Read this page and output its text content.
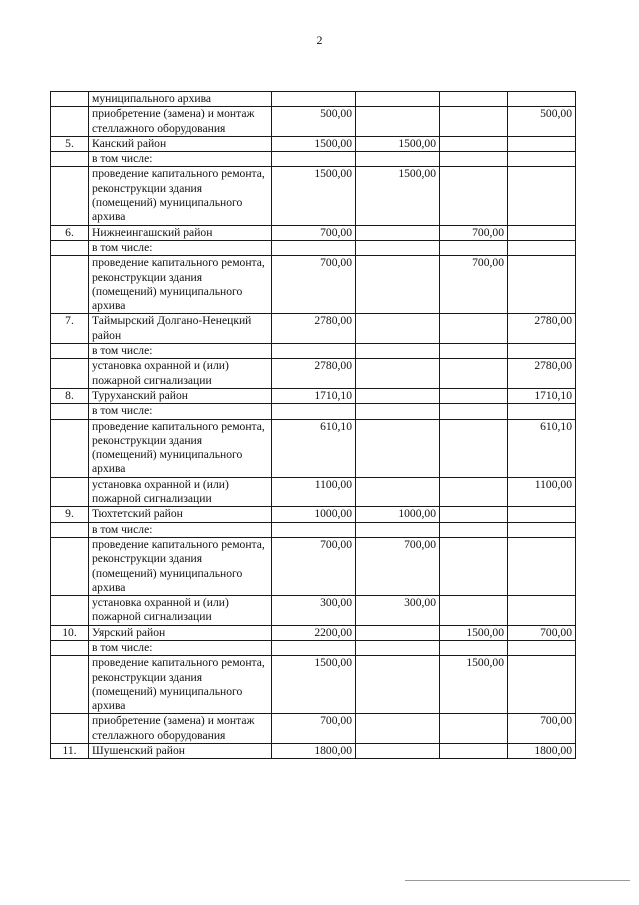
2
	муниципального архива				
	приобретение (замена) и монтаж стеллажного оборудования	500,00			500,00
5.	Канский район	1500,00	1500,00		
	в том числе:				
	проведение капитального ремонта, реконструкции здания (помещений) муниципального архива	1500,00	1500,00		
6.	Нижнеингашский район	700,00		700,00	
	в том числе:				
	проведение капитального ремонта, реконструкции здания (помещений) муниципального архива	700,00		700,00	
7.	Таймырский Долгано-Ненецкий район	2780,00			2780,00
	в том числе:				
	установка охранной и (или) пожарной сигнализации	2780,00			2780,00
8.	Туруханский район	1710,10			1710,10
	в том числе:				
	проведение капитального ремонта, реконструкции здания (помещений) муниципального архива	610,10			610,10
	установка охранной и (или) пожарной сигнализации	1100,00			1100,00
9.	Тюхтетский район	1000,00	1000,00		
	в том числе:				
	проведение капитального ремонта, реконструкции здания (помещений) муниципального архива	700,00	700,00		
	установка охранной и (или) пожарной сигнализации	300,00	300,00		
10.	Уярский район	2200,00		1500,00	700,00
	в том числе:				
	проведение капитального ремонта, реконструкции здания (помещений) муниципального архива	1500,00		1500,00	
	приобретение (замена) и монтаж стеллажного оборудования	700,00			700,00
11.	Шушенский район	1800,00			1800,00
